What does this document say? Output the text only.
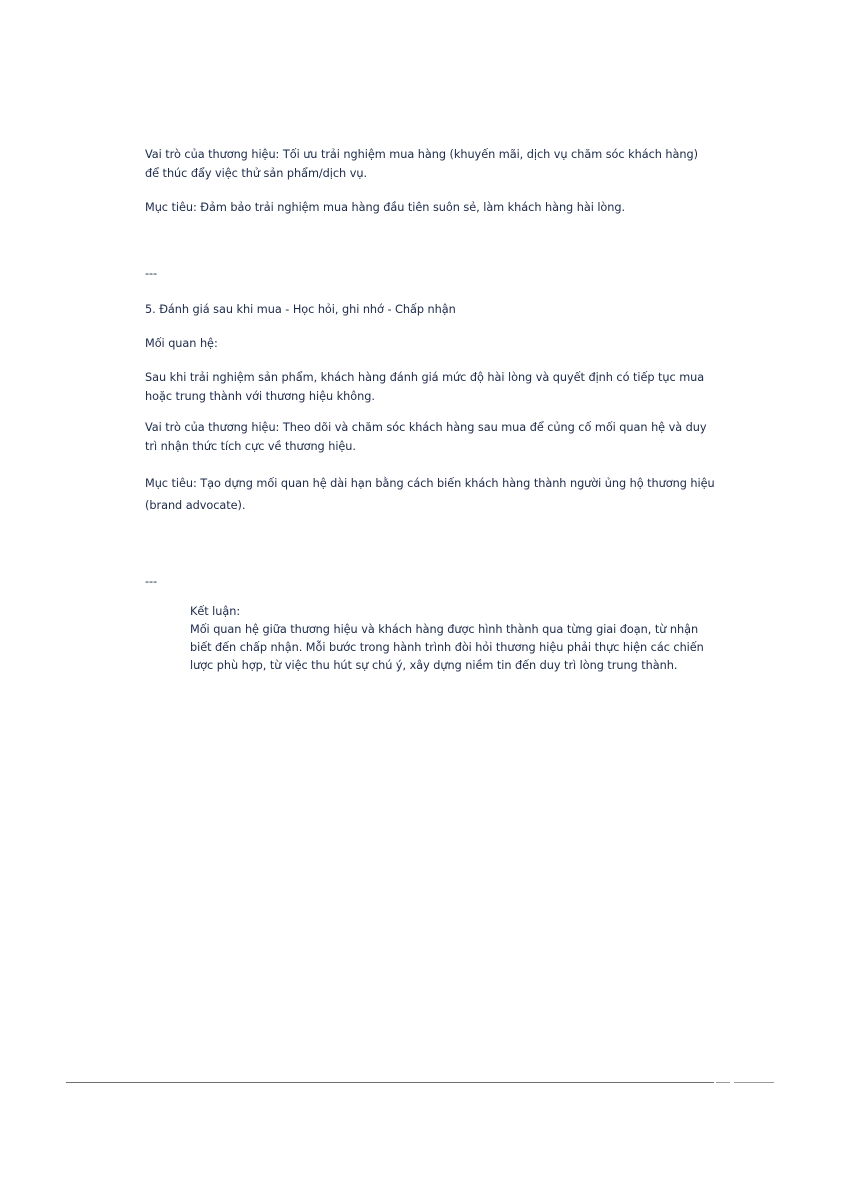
Vai trò của thương hiệu: Tối ưu trải nghiệm mua hàng (khuyến mãi, dịch vụ chăm sóc khách hàng) để thúc đẩy việc thử sản phẩm/dịch vụ.
Mục tiêu: Đảm bảo trải nghiệm mua hàng đầu tiên suôn sẻ, làm khách hàng hài lòng.
---
5. Đánh giá sau khi mua - Học hỏi, ghi nhớ - Chấp nhận
Mối quan hệ:
Sau khi trải nghiệm sản phẩm, khách hàng đánh giá mức độ hài lòng và quyết định có tiếp tục mua hoặc trung thành với thương hiệu không.
Vai trò của thương hiệu: Theo dõi và chăm sóc khách hàng sau mua để củng cố mối quan hệ và duy trì nhận thức tích cực về thương hiệu.
Mục tiêu: Tạo dựng mối quan hệ dài hạn bằng cách biến khách hàng thành người ủng hộ thương hiệu (brand advocate).
---
Kết luận:
Mối quan hệ giữa thương hiệu và khách hàng được hình thành qua từng giai đoạn, từ nhận biết đến chấp nhận. Mỗi bước trong hành trình đòi hỏi thương hiệu phải thực hiện các chiến lược phù hợp, từ việc thu hút sự chú ý, xây dựng niềm tin đến duy trì lòng trung thành.
